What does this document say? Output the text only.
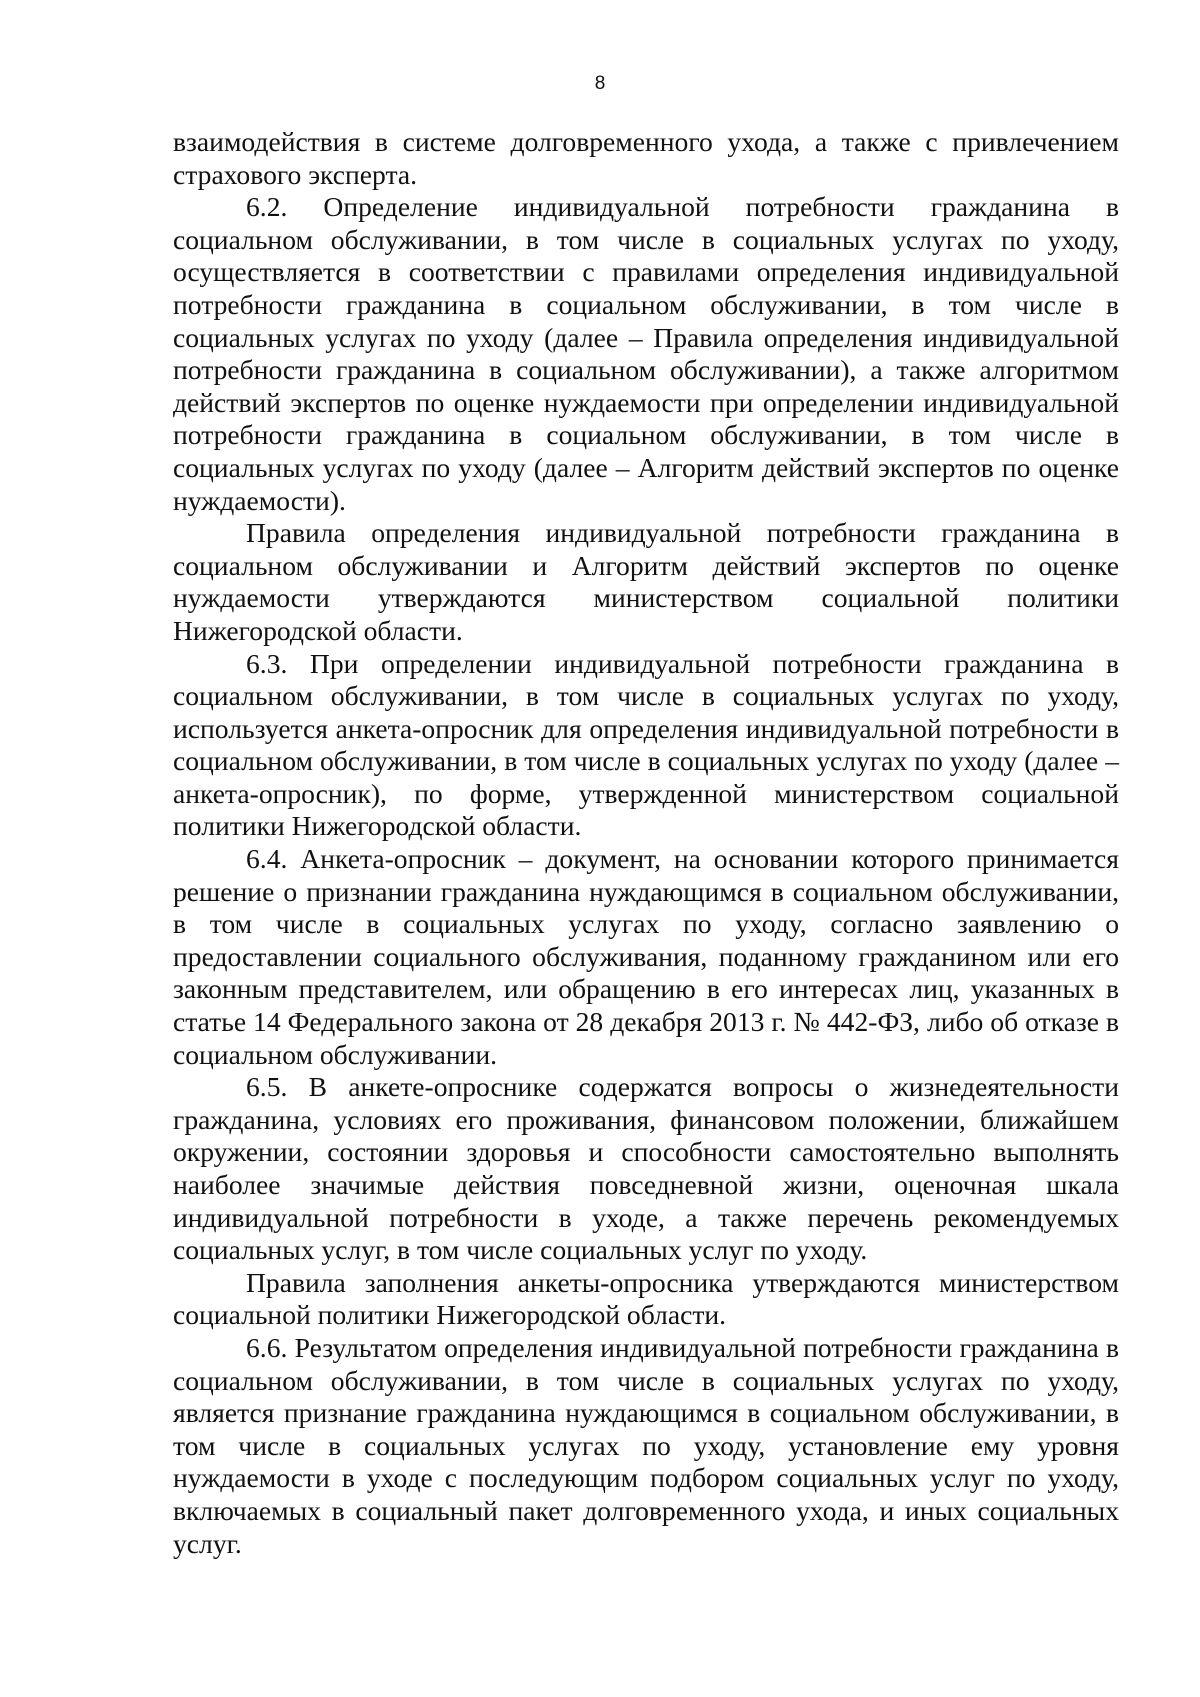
8

взаимодействия в системе долговременного ухода, а также с привлечением страхового эксперта.

6.2. Определение индивидуальной потребности гражданина в социальном обслуживании, в том числе в социальных услугах по уходу, осуществляется в соответствии с правилами определения индивидуальной потребности гражданина в социальном обслуживании, в том числе в социальных услугах по уходу (далее – Правила определения индивидуальной потребности гражданина в социальном обслуживании), а также алгоритмом действий экспертов по оценке нуждаемости при определении индивидуальной потребности гражданина в социальном обслуживании, в том числе в социальных услугах по уходу (далее – Алгоритм действий экспертов по оценке нуждаемости).

Правила определения индивидуальной потребности гражданина в социальном обслуживании и Алгоритм действий экспертов по оценке нуждаемости утверждаются министерством социальной политики Нижегородской области.

6.3. При определении индивидуальной потребности гражданина в социальном обслуживании, в том числе в социальных услугах по уходу, используется анкета-опросник для определения индивидуальной потребности в социальном обслуживании, в том числе в социальных услугах по уходу (далее – анкета-опросник), по форме, утвержденной министерством социальной политики Нижегородской области.

6.4. Анкета-опросник – документ, на основании которого принимается решение о признании гражданина нуждающимся в социальном обслуживании, в том числе в социальных услугах по уходу, согласно заявлению о предоставлении социального обслуживания, поданному гражданином или его законным представителем, или обращению в его интересах лиц, указанных в статье 14 Федерального закона от 28 декабря 2013 г. № 442-ФЗ, либо об отказе в социальном обслуживании.

6.5. В анкете-опроснике содержатся вопросы о жизнедеятельности гражданина, условиях его проживания, финансовом положении, ближайшем окружении, состоянии здоровья и способности самостоятельно выполнять наиболее значимые действия повседневной жизни, оценочная шкала индивидуальной потребности в уходе, а также перечень рекомендуемых социальных услуг, в том числе социальных услуг по уходу.

Правила заполнения анкеты-опросника утверждаются министерством социальной политики Нижегородской области.

6.6. Результатом определения индивидуальной потребности гражданина в социальном обслуживании, в том числе в социальных услугах по уходу, является признание гражданина нуждающимся в социальном обслуживании, в том числе в социальных услугах по уходу, установление ему уровня нуждаемости в уходе с последующим подбором социальных услуг по уходу, включаемых в социальный пакет долговременного ухода, и иных социальных услуг.
